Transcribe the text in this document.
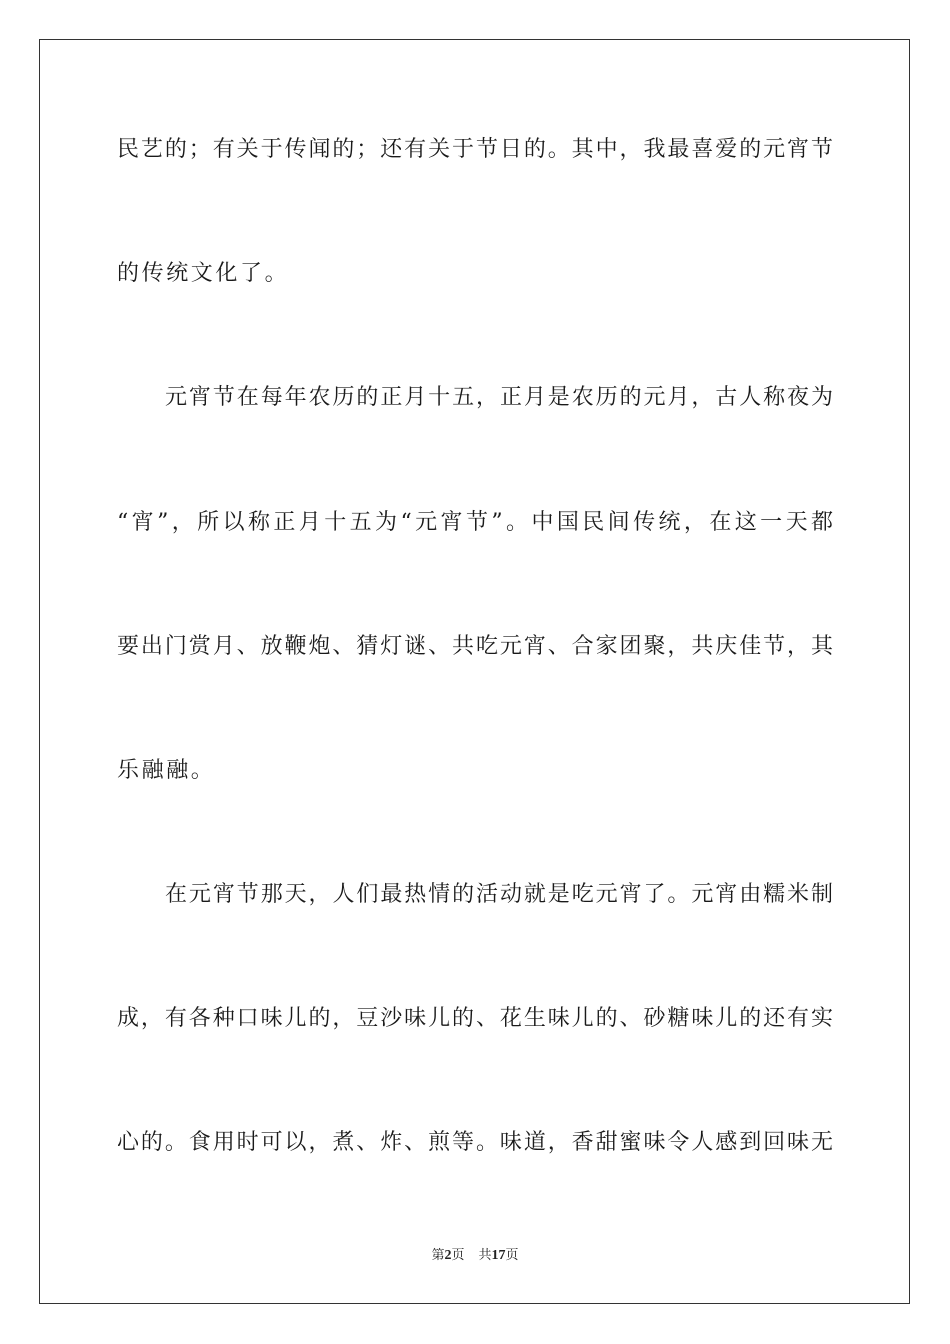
民艺的；有关于传闻的；还有关于节日的。其中，我最喜爱的元宵节
的传统文化了。
元宵节在每年农历的正月十五，正月是农历的元月，古人称夜为
“宵”，所以称正月十五为“元宵节”。中国民间传统，在这一天都
要出门赏月、放鞭炮、猜灯谜、共吃元宵、合家团聚，共庆佳节，其
乐融融。
在元宵节那天，人们最热情的活动就是吃元宵了。元宵由糯米制
成，有各种口味儿的，豆沙味儿的、花生味儿的、砂糖味儿的还有实
心的。食用时可以，煮、炸、煎等。味道，香甜蜜味令人感到回味无
第2页 共17页
